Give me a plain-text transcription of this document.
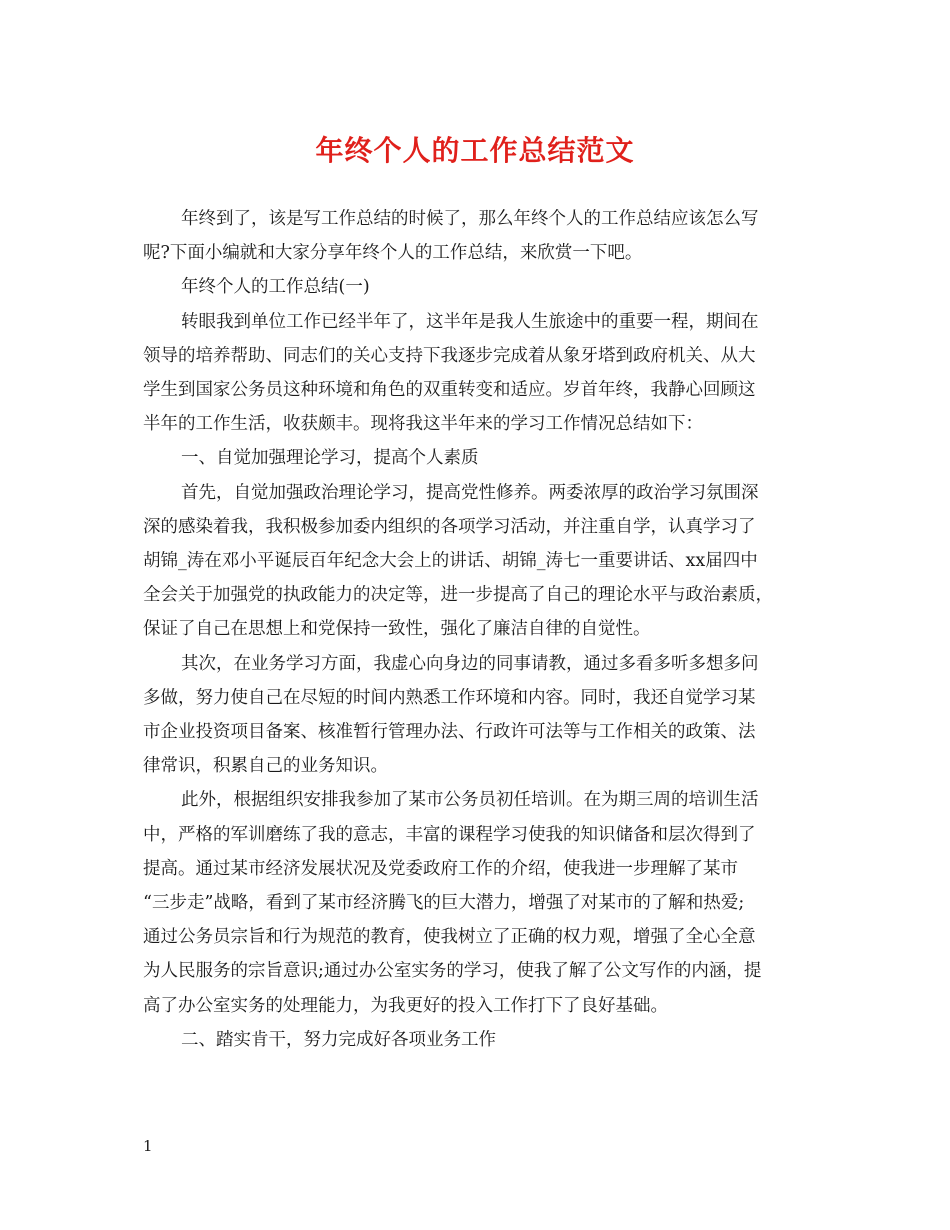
年终个人的工作总结范文
年终到了，该是写工作总结的时候了，那么年终个人的工作总结应该怎么写
呢?下面小编就和大家分享年终个人的工作总结，来欣赏一下吧。
年终个人的工作总结(一)
转眼我到单位工作已经半年了，这半年是我人生旅途中的重要一程，期间在
领导的培养帮助、同志们的关心支持下我逐步完成着从象牙塔到政府机关、从大
学生到国家公务员这种环境和角色的双重转变和适应。岁首年终，我静心回顾这
半年的工作生活，收获颇丰。现将我这半年来的学习工作情况总结如下：
一、自觉加强理论学习，提高个人素质
首先，自觉加强政治理论学习，提高党性修养。两委浓厚的政治学习氛围深
深的感染着我，我积极参加委内组织的各项学习活动，并注重自学，认真学习了
胡锦_涛在邓小平诞辰百年纪念大会上的讲话、胡锦_涛七一重要讲话、xx届四中
全会关于加强党的执政能力的决定等，进一步提高了自己的理论水平与政治素质，
保证了自己在思想上和党保持一致性，强化了廉洁自律的自觉性。
其次，在业务学习方面，我虚心向身边的同事请教，通过多看多听多想多问
多做，努力使自己在尽短的时间内熟悉工作环境和内容。同时，我还自觉学习某
市企业投资项目备案、核准暂行管理办法、行政许可法等与工作相关的政策、法
律常识，积累自己的业务知识。
此外，根据组织安排我参加了某市公务员初任培训。在为期三周的培训生活
中，严格的军训磨练了我的意志，丰富的课程学习使我的知识储备和层次得到了
提高。通过某市经济发展状况及党委政府工作的介绍，使我进一步理解了某市
“三步走”战略，看到了某市经济腾飞的巨大潜力，增强了对某市的了解和热爱;
通过公务员宗旨和行为规范的教育，使我树立了正确的权力观，增强了全心全意
为人民服务的宗旨意识;通过办公室实务的学习，使我了解了公文写作的内涵，提
高了办公室实务的处理能力，为我更好的投入工作打下了良好基础。
二、踏实肯干，努力完成好各项业务工作
1
